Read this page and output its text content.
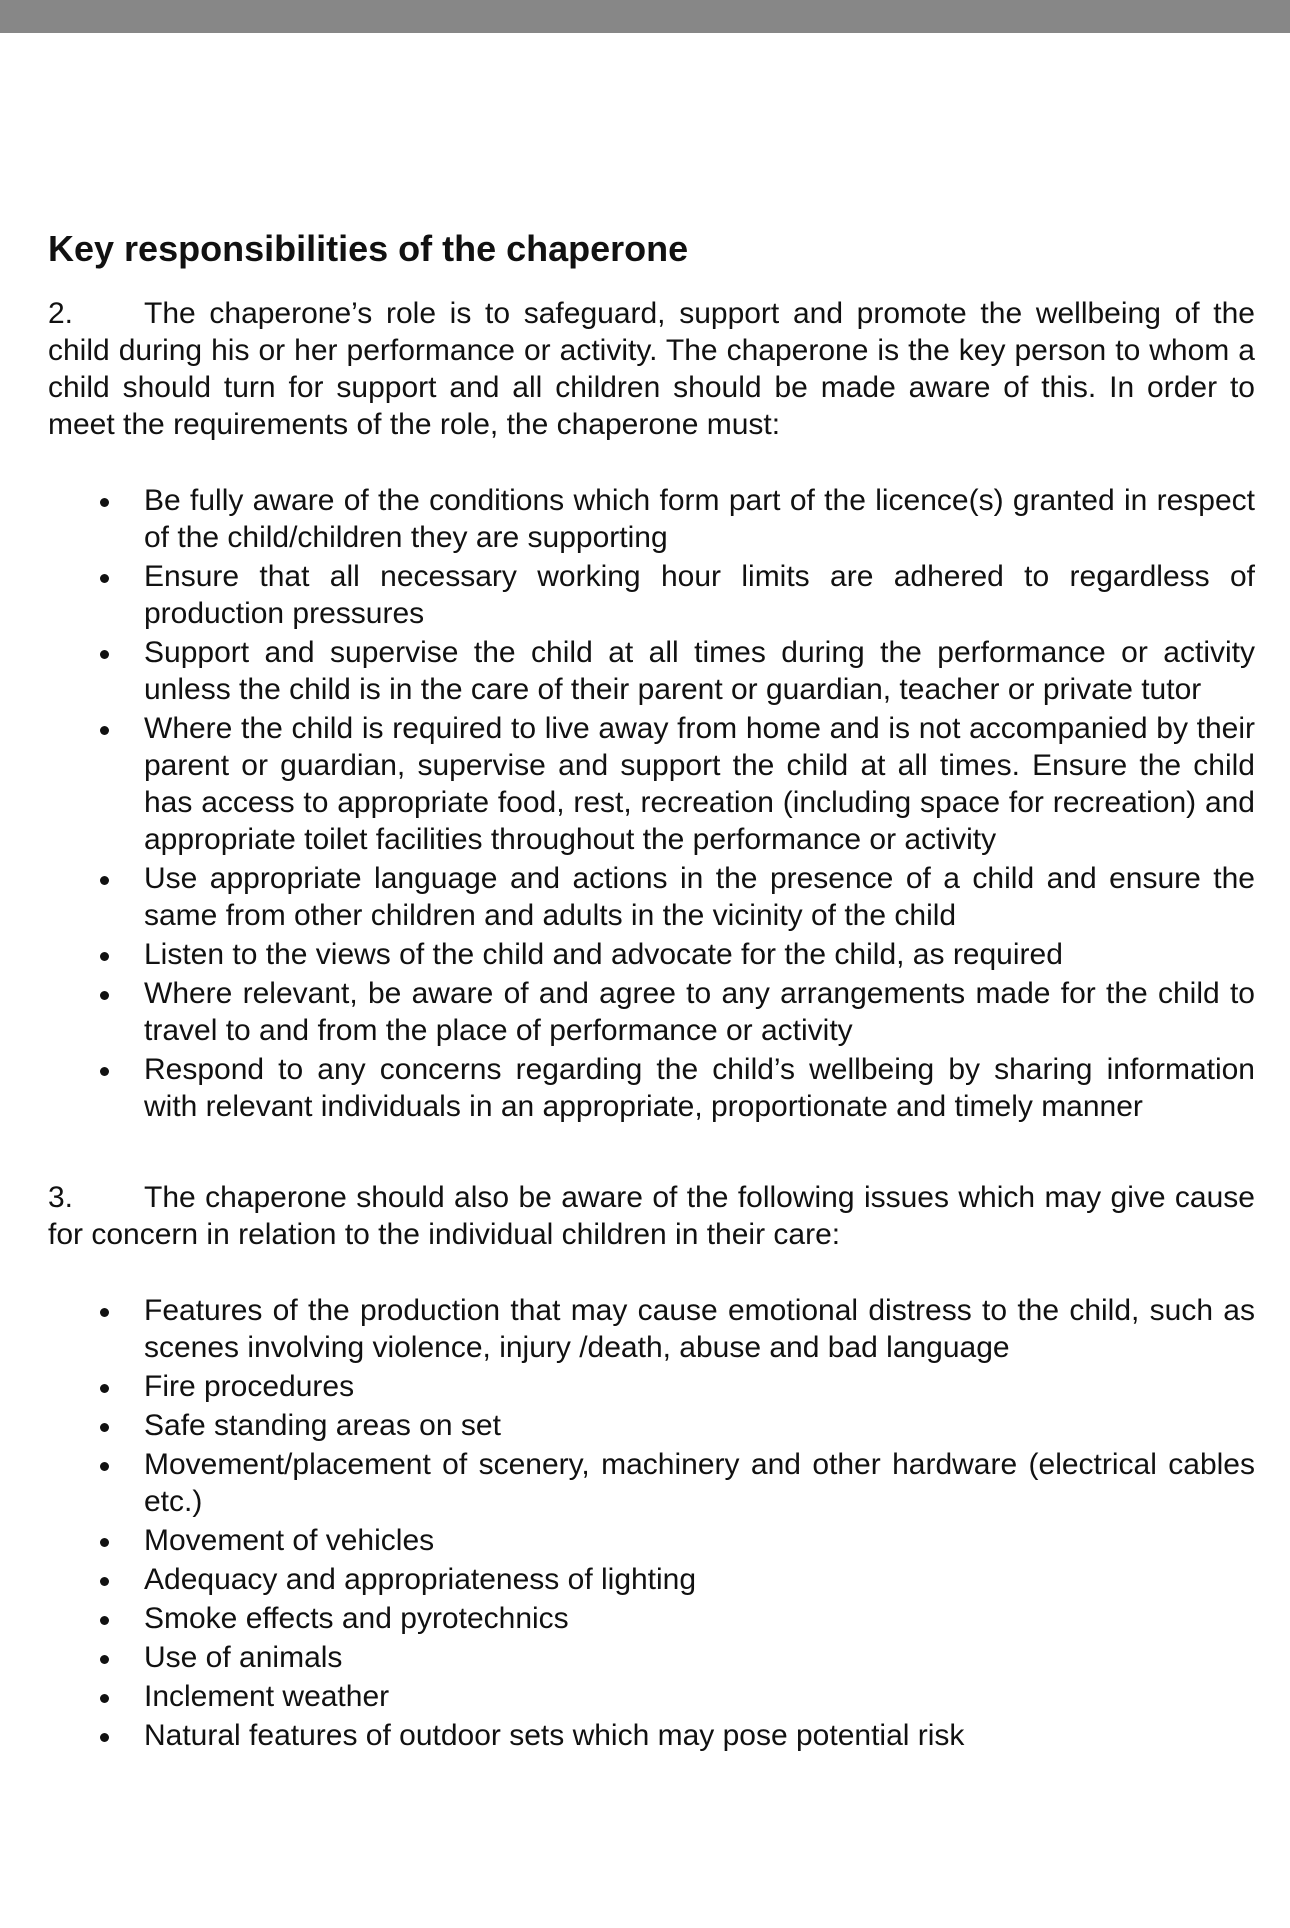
Key responsibilities of the chaperone

2. The chaperone’s role is to safeguard, support and promote the wellbeing of the child during his or her performance or activity. The chaperone is the key person to whom a child should turn for support and all children should be made aware of this. In order to meet the requirements of the role, the chaperone must:

Be fully aware of the conditions which form part of the licence(s) granted in respect of the child/children they are supporting
Ensure that all necessary working hour limits are adhered to regardless of production pressures
Support and supervise the child at all times during the performance or activity unless the child is in the care of their parent or guardian, teacher or private tutor
Where the child is required to live away from home and is not accompanied by their parent or guardian, supervise and support the child at all times. Ensure the child has access to appropriate food, rest, recreation (including space for recreation) and appropriate toilet facilities throughout the performance or activity
Use appropriate language and actions in the presence of a child and ensure the same from other children and adults in the vicinity of the child
Listen to the views of the child and advocate for the child, as required
Where relevant, be aware of and agree to any arrangements made for the child to travel to and from the place of performance or activity
Respond to any concerns regarding the child’s wellbeing by sharing information with relevant individuals in an appropriate, proportionate and timely manner

3. The chaperone should also be aware of the following issues which may give cause for concern in relation to the individual children in their care:

Features of the production that may cause emotional distress to the child, such as scenes involving violence, injury /death, abuse and bad language
Fire procedures
Safe standing areas on set
Movement/placement of scenery, machinery and other hardware (electrical cables etc.)
Movement of vehicles
Adequacy and appropriateness of lighting
Smoke effects and pyrotechnics
Use of animals
Inclement weather
Natural features of outdoor sets which may pose potential risk
